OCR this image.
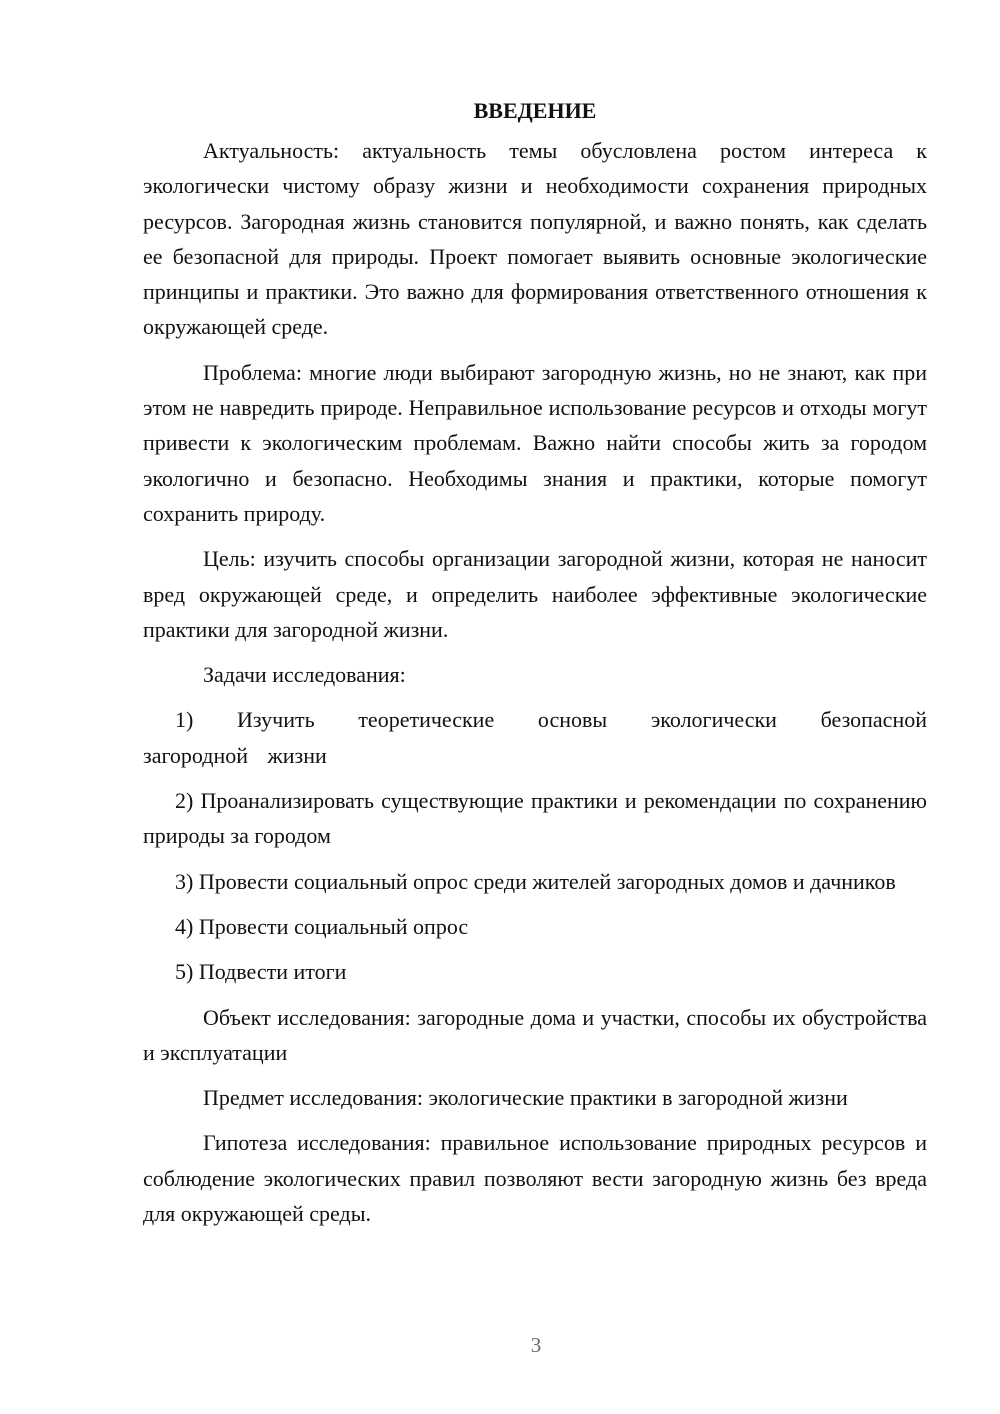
ВВЕДЕНИЕ

Актуальность: актуальность темы обусловлена ростом интереса к экологически чистому образу жизни и необходимости сохранения природных ресурсов. Загородная жизнь становится популярной, и важно понять, как сделать ее безопасной для природы. Проект помогает выявить основные экологические принципы и практики. Это важно для формирования ответственного отношения к окружающей среде.

Проблема: многие люди выбирают загородную жизнь, но не знают, как при этом не навредить природе. Неправильное использование ресурсов и отходы могут привести к экологическим проблемам. Важно найти способы жить за городом экологично и безопасно. Необходимы знания и практики, которые помогут сохранить природу.

Цель: изучить способы организации загородной жизни, которая не наносит вред окружающей среде, и определить наиболее эффективные экологические практики для загородной жизни.

Задачи исследования:

1) Изучить теоретические основы экологически безопасной загородной жизни

2) Проанализировать существующие практики и рекомендации по сохранению природы за городом

3) Провести социальный опрос среди жителей загородных домов и дачников

4) Провести социальный опрос

5) Подвести итоги

Объект исследования: загородные дома и участки, способы их обустройства и эксплуатации

Предмет исследования: экологические практики в загородной жизни

Гипотеза исследования: правильное использование природных ресурсов и соблюдение экологических правил позволяют вести загородную жизнь без вреда для окружающей среды.

3
